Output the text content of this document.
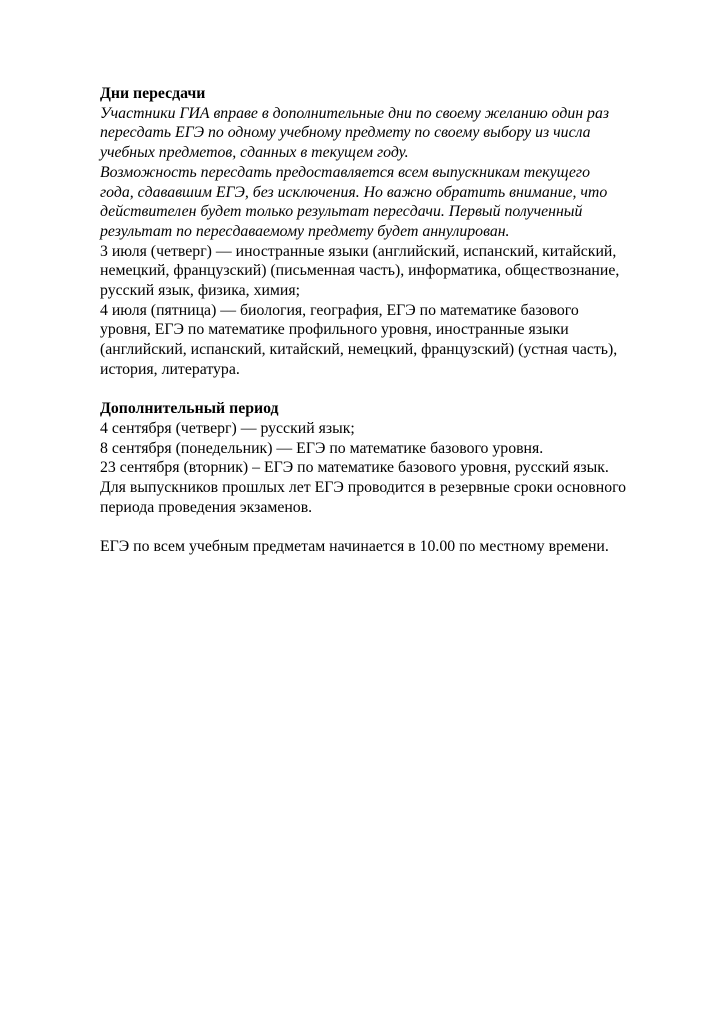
Дни пересдачи
Участники ГИА вправе в дополнительные дни по своему желанию один раз
пересдать ЕГЭ по одному учебному предмету по своему выбору из числа
учебных предметов, сданных в текущем году.
Возможность пересдать предоставляется всем выпускникам текущего
года, сдававшим ЕГЭ, без исключения. Но важно обратить внимание, что
действителен будет только результат пересдачи. Первый полученный
результат по пересдаваемому предмету будет аннулирован.
3 июля (четверг) — иностранные языки (английский, испанский, китайский,
немецкий, французский) (письменная часть), информатика, обществознание,
русский язык, физика, химия;
4 июля (пятница) — биология, география, ЕГЭ по математике базового
уровня, ЕГЭ по математике профильного уровня, иностранные языки
(английский, испанский, китайский, немецкий, французский) (устная часть),
история, литература.
Дополнительный период
4 сентября (четверг) — русский язык;
8 сентября (понедельник) — ЕГЭ по математике базового уровня.
23 сентября (вторник) – ЕГЭ по математике базового уровня, русский язык.
Для выпускников прошлых лет ЕГЭ проводится в резервные сроки основного
периода проведения экзаменов.
ЕГЭ по всем учебным предметам начинается в 10.00 по местному времени.
